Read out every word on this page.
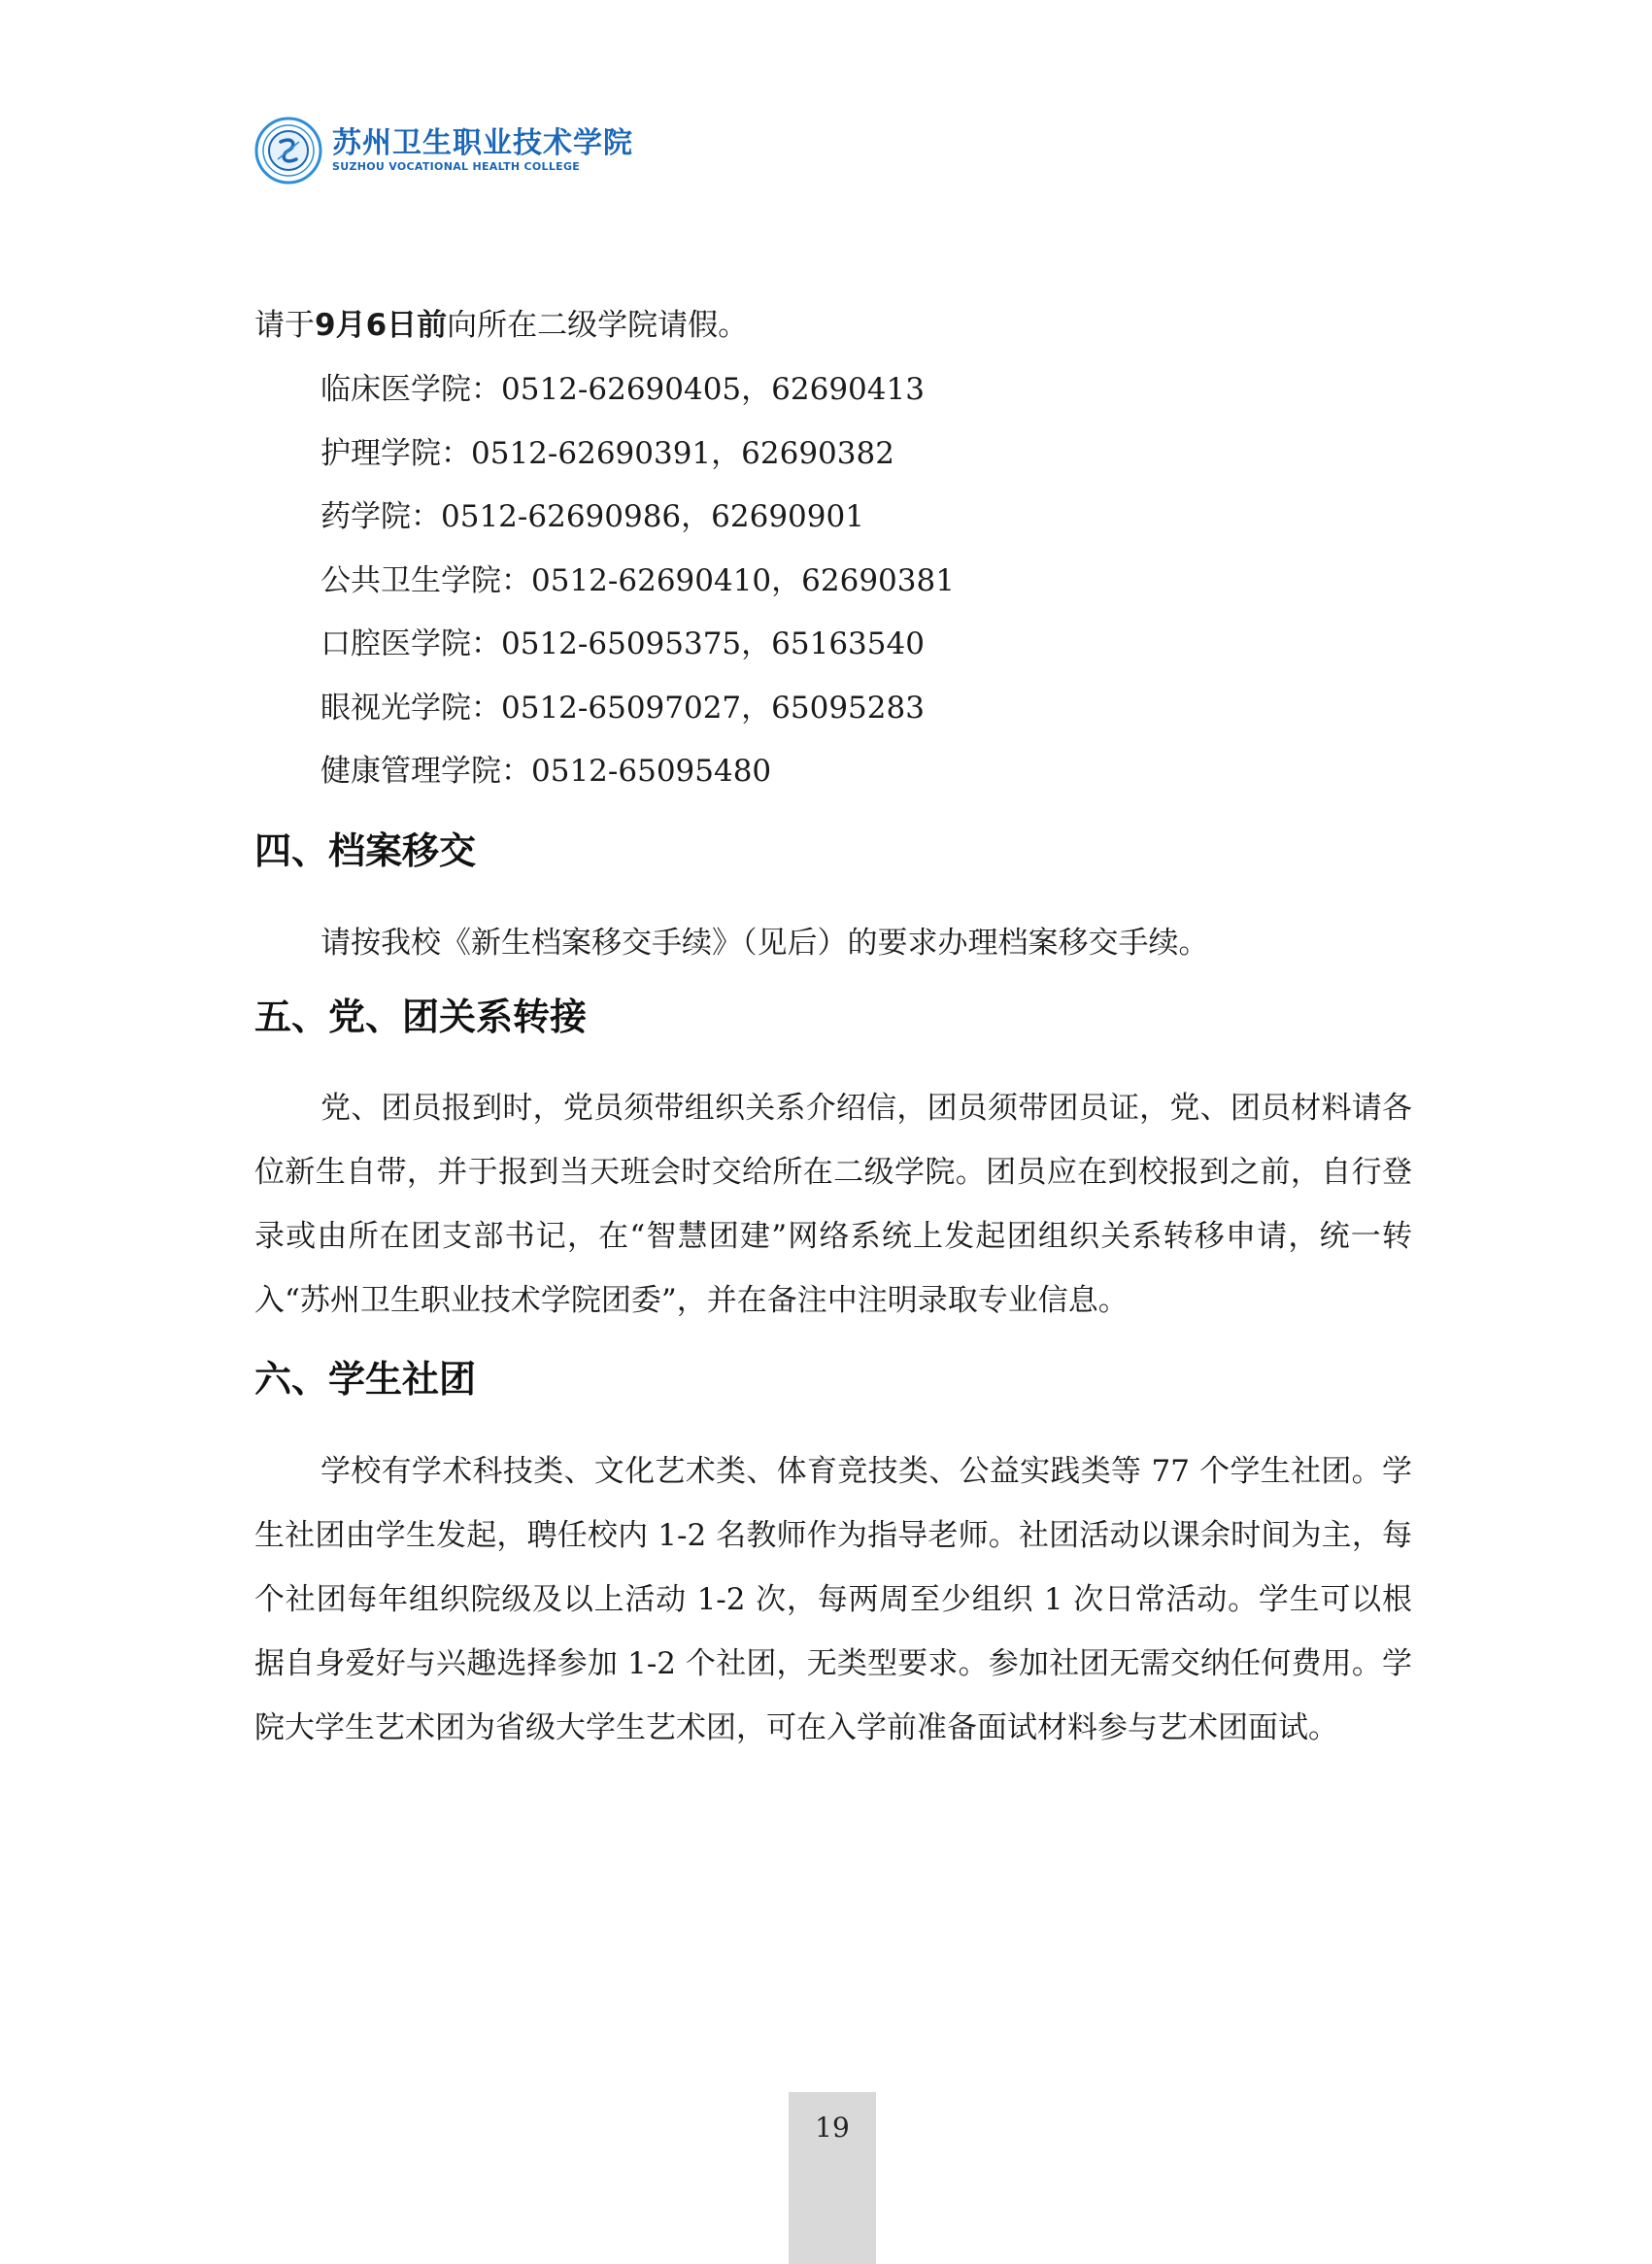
苏州卫生职业技术学院
SUZHOU VOCATIONAL HEALTH COLLEGE

请于9月6日前向所在二级学院请假。

临床医学院：0512-62690405，62690413

护理学院：0512-62690391，62690382

药学院：0512-62690986，62690901

公共卫生学院：0512-62690410，62690381

口腔医学院：0512-65095375，65163540

眼视光学院：0512-65097027，65095283

健康管理学院：0512-65095480

四、档案移交

请按我校《新生档案移交手续》（见后）的要求办理档案移交手续。

五、党、团关系转接

党、团员报到时，党员须带组织关系介绍信，团员须带团员证，党、团员材料请各位新生自带，并于报到当天班会时交给所在二级学院。团员应在到校报到之前，自行登录或由所在团支部书记，在“智慧团建”网络系统上发起团组织关系转移申请，统一转入“苏州卫生职业技术学院团委”，并在备注中注明录取专业信息。

六、学生社团

学校有学术科技类、文化艺术类、体育竞技类、公益实践类等 77 个学生社团。学生社团由学生发起，聘任校内 1-2 名教师作为指导老师。社团活动以课余时间为主，每个社团每年组织院级及以上活动 1-2 次，每两周至少组织 1 次日常活动。学生可以根据自身爱好与兴趣选择参加 1-2 个社团，无类型要求。参加社团无需交纳任何费用。学院大学生艺术团为省级大学生艺术团，可在入学前准备面试材料参与艺术团面试。

19
